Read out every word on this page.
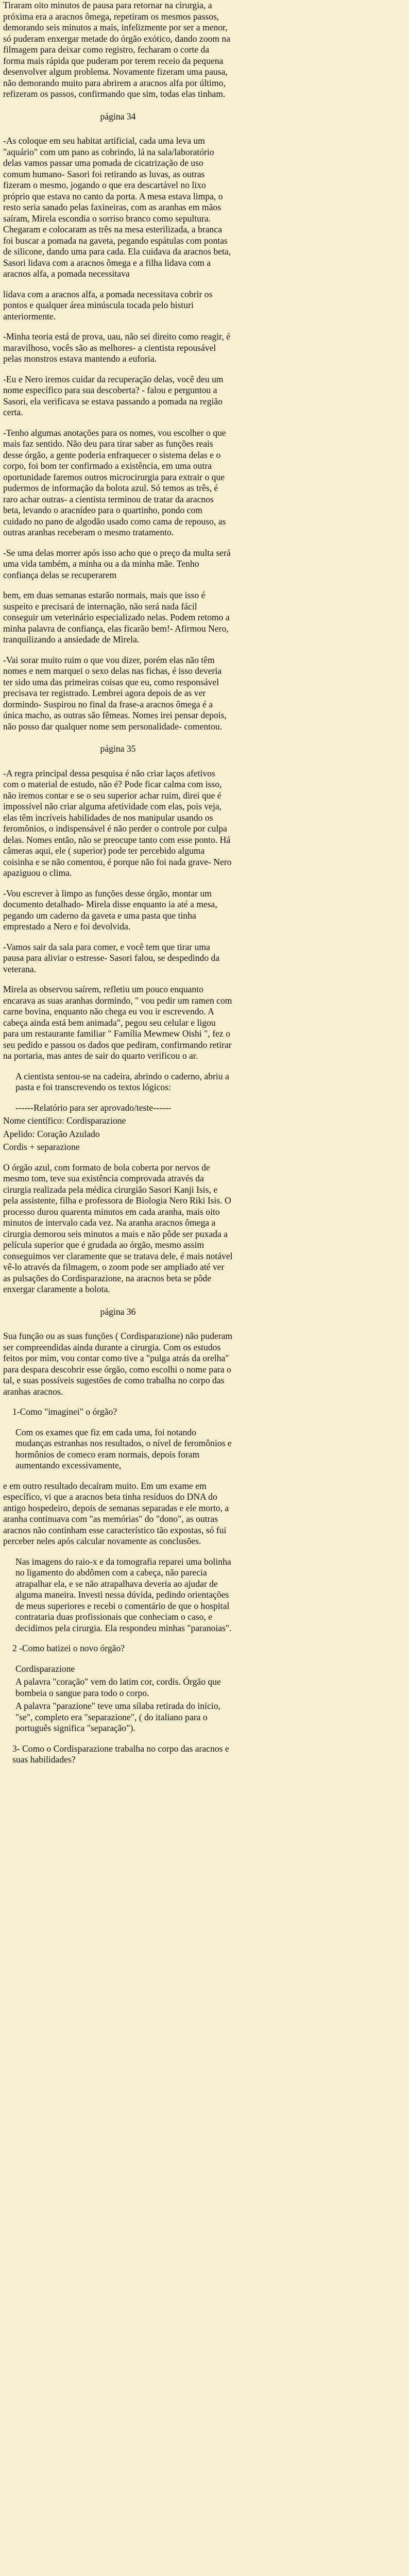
Tiraram oito minutos de pausa para retornar na cirurgia, a próxima era a aracnos ômega, repetiram os mesmos passos, demorando seis minutos a mais, infelizmente por ser a menor, só puderam enxergar metade do órgão exótico, dando zoom na filmagem para deixar como registro, fecharam o corte da forma mais rápida que puderam por terem receio da pequena desenvolver algum problema. Novamente fizeram uma pausa, não demorando muito para abrirem a aracnos alfa por último, refizeram os passos, confirmando que sim, todas elas tinham.

página 34

-As coloque em seu habitat artificial, cada uma leva um "aquário" com um pano as cobrindo, lá na sala/laboratório delas vamos passar uma pomada de cicatrização de uso comum humano- Sasori foi retirando as luvas, as outras fizeram o mesmo, jogando o que era descartável no lixo próprio que estava no canto da porta. A mesa estava limpa, o resto seria sanado pelas faxineiras, com as aranhas em mãos saíram, Mirela escondia o sorriso branco como sepultura. Chegaram e colocaram as três na mesa esterilizada, a branca foi buscar a pomada na gaveta, pegando espátulas com pontas de silicone, dando uma para cada. Ela cuidava da aracnos beta, Sasori lidava com a aracnos ômega e a filha lidava com a aracnos alfa, a pomada necessitava

lidava com a aracnos alfa, a pomada necessitava cobrir os pontos e qualquer área minúscula tocada pelo bisturi anteriormente.

-Minha teoria está de prova, uau, não sei direito como reagir, é maravilhoso, vocês são as melhores- a cientista repousável pelas monstros estava mantendo a euforia.

-Eu e Nero iremos cuidar da recuperação delas, você deu um nome específico para sua descoberta? - falou e perguntou a Sasori, ela verificava se estava passando a pomada na região certa.

-Tenho algumas anotações para os nomes, vou escolher o que mais faz sentido. Não deu para tirar saber as funções reais desse órgão, a gente poderia enfraquecer o sistema delas e o corpo, foi bom ter confirmado a existência, em uma outra oportunidade faremos outros microcirurgia para extrair o que pudermos de informação da bolota azul. Só temos as três, é raro achar outras- a cientista terminou de tratar da aracnos beta, levando o aracnídeo para o quartinho, pondo com cuidado no pano de algodão usado como cama de repouso, as outras aranhas receberam o mesmo tratamento.

-Se uma delas morrer após isso acho que o preço da multa será uma vida também, a minha ou a da minha mãe. Tenho confiança delas se recuperarem

bem, em duas semanas estarão normais, mais que isso é suspeito e precisará de internação, não será nada fácil conseguir um veterinário especializado nelas. Podem retomo a minha palavra de confiança, elas ficarão bem!- Afirmou Nero, tranquilizando a ansiedade de Mirela.

-Vai sorar muito ruim o que vou dizer, porém elas não têm nomes e nem marquei o sexo delas nas fichas, é isso deveria ter sido uma das primeiras coisas que eu, como responsável precisava ter registrado. Lembrei agora depois de as ver dormindo- Suspirou no final da frase-a aracnos ômega é a única macho, as outras são fêmeas. Nomes irei pensar depois, não posso dar qualquer nome sem personalidade- comentou.

página 35

-A regra principal dessa pesquisa é não criar laços afetivos com o material de estudo, não é? Pode ficar calma com isso, não iremos contar e se o seu superior achar ruim, direi que é impossível não criar alguma afetividade com elas, pois veja, elas têm incríveis habilidades de nos manipular usando os feromônios, o indispensável é não perder o controle por culpa delas. Nomes então, não se preocupe tanto com esse ponto. Há câmeras aqui, ele ( superior) pode ter percebido alguma coisinha e se não comentou, é porque não foi nada grave- Nero apaziguou o clima.

-Vou escrever à limpo as funções desse órgão, montar um documento detalhado- Mirela disse enquanto ia até a mesa, pegando um caderno da gaveta e uma pasta que tinha emprestado a Nero e foi devolvida.

-Vamos sair da sala para comer, e você tem que tirar uma pausa para aliviar o estresse- Sasori falou, se despedindo da veterana.

Mirela as observou saírem, refletiu um pouco enquanto encarava as suas aranhas dormindo, " vou pedir um ramen com carne bovina, enquanto não chega eu vou ir escrevendo. A cabeça ainda está bem animada", pegou seu celular e ligou para um restaurante familiar " Família Mewmew Oishi ", fez o seu pedido e passou os dados que pediram, confirmando retirar na portaria, mas antes de sair do quarto verificou o ar.

A cientista sentou-se na cadeira, abrindo o caderno, abriu a pasta e foi transcrevendo os textos lógicos:

------Relatório para ser aprovado/teste------

Nome científico: Cordisparazione

Apelido: Coração Azulado

Cordis + separazione

O órgão azul, com formato de bola coberta por nervos de mesmo tom, teve sua existência comprovada através da cirurgia realizada pela médica cirurgião Sasori Kanji Isis, e pela assistente, filha e professora de Biologia Nero Riki Isis. O processo durou quarenta minutos em cada aranha, mais oito minutos de intervalo cada vez. Na aranha aracnos ômega a cirurgia demorou seis minutos a mais e não pôde ser puxada a película superior que é grudada ao órgão, mesmo assim conseguimos ver claramente que se tratava dele, é mais notável vê-lo através da filmagem, o zoom pode ser ampliado até ver as pulsações do Cordisparazione, na aracnos beta se pôde enxergar claramente a bolota.

página 36

Sua função ou as suas funções ( Cordisparazione) não puderam ser compreendidas ainda durante a cirurgia. Com os estudos feitos por mim, vou contar como tive a "pulga atrás da orelha" para despara descobrir esse órgão, como escolhi o nome para o tal, e suas possíveis sugestões de como trabalha no corpo das aranhas aracnos.

1-Como "imaginei" o órgão?

Com os exames que fiz em cada uma, foi notando mudanças estranhas nos resultados, o nível de feromônios e hormônios de comeco eram normais, depois foram aumentando excessivamente,

e em outro resultado decaíram muito. Em um exame em específico, vi que a aracnos beta tinha resíduos do DNA do antigo hospedeiro, depois de semanas separadas e ele morto, a aranha continuava com "as memórias" do "dono", as outras aracnos não continham esse característico tão expostas, só fui perceber neles após calcular novamente as conclusões.

Nas imagens do raio-x e da tomografia reparei uma bolinha no ligamento do abdômen com a cabeça, não parecia atrapalhar ela, e se não atrapalhava deveria ao ajudar de alguma maneira. Investi nessa dúvida, pedindo orientações de meus superiores e recebi o comentário de que o hospital contrataria duas profissionais que conheciam o caso, e decidimos pela cirurgia. Ela respondeu minhas "paranoias".

2 -Como batizei o novo órgão?

Cordisparazione

A palavra "coração" vem do latim cor, cordis. Órgão que bombeia o sangue para todo o corpo.

A palavra "parazione" teve uma sílaba retirada do início, "se", completo era "separazione", ( do italiano para o português significa "separação").

3- Como o Cordisparazione trabalha no corpo das aracnos e suas habilidades?
